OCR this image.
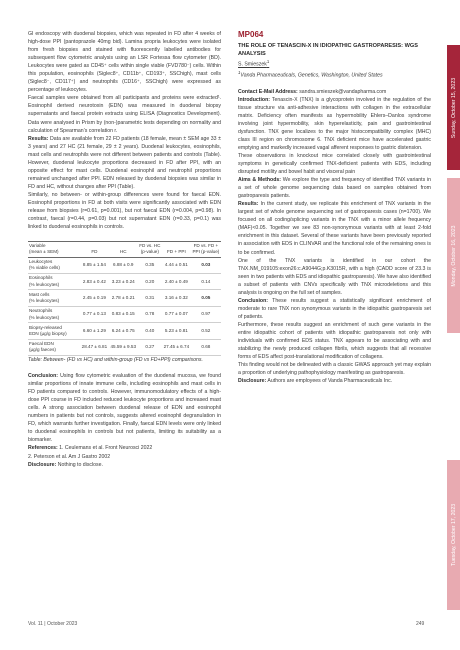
GI endoscopy with duodenal biopsies, which was repeated in FD after 4 weeks of high-dose PPI (pantoprazole 40mg bid). Lamina propria leukocytes were isolated from fresh biopsies and stained with fluorescently labelled antibodies for subsequent flow cytometric analysis using an LSR Fortessa flow cytometer (BD). Leukocytes were gated as CD45⁺ cells within single viable (FVD780⁻) cells. Within this population, eosinophils (Siglec8⁺, CD11b⁺, CD193⁺, SSChigh), mast cells (Siglec8⁻, CD117⁺) and neutrophils (CD16⁺, SSChigh) were expressed as percentage of leukocytes.

Faecal samples were obtained from all participants and proteins were extracted¹. Eosinophil derived neurotoxin (EDN) was measured in duodenal biopsy supernatants and faecal protein extracts using ELISA (Diagnostics Development). Data were analysed in Prism by (non-)parametric tests depending on normality and calculation of Spearman’s correlation r.

Results: Data are available from 22 FD patients (18 female, mean ± SEM age 33 ± 3 years) and 27 HC (21 female, 29 ± 2 years). Duodenal leukocytes, eosinophils, mast cells and neutrophils were not different between patients and controls (Table). However, duodenal leukocyte proportions decreased in FD after PPI, with an opposite effect for mast cells. Duodenal eosinophil and neutrophil proportions remained unchanged after PPI. EDN released by duodenal biopsies was similar in FD and HC, without changes after PPI (Table).

Similarly, no between- or within-group differences were found for faecal EDN. Eosinophil proportions in FD at both visits were significantly associated with EDN release from biopsies (r=0.61, p=0.001), but not faecal EDN (r=0.004, p=0.98). In contrast, faecal (r=0.44, p=0.03) but not supernatant EDN (r=0.33, p=0.1) was linked to duodenal eosinophils in controls.

Variable
(mean ± SEM)	FD	HC	FD vs. HC
(p-value)	FD + PPI	FD vs. FD +
PPI (p-value)
Leukocytes
(% viable cells)	8.85 ± 1.54	6.88 ± 0.9	0.35	4.44 ± 0.51	0.03
Eosinophils
(% leukocytes)	2.83 ± 0.42	3.23 ± 0.24	0.20	2.40 ± 0.49	0.14
Mast cells
(% leukocytes)	2.45 ± 0.19	2.78 ± 0.21	0.31	3.16 ± 0.32	0.05
Neutrophils
(% leukocytes)	0.77 ± 0.13	0.83 ± 0.15	0.78	0.77 ± 0.07	0.97
Biopsy-released
EDN (µg/g biopsy)	6.60 ± 1.29	6.24 ± 0.75	0.40	5.23 ± 0.81	0.52
Faecal EDN
(µg/g faeces)	28.47 ± 6.81	45.59 ± 9.53	0.27	27.45 ± 6.74	0.68

Table: Between- (FD vs HC) and within-group (FD vs FD+PPI) comparisons.

Conclusion: Using flow cytometric evaluation of the duodenal mucosa, we found similar proportions of innate immune cells, including eosinophils and mast cells in FD patients compared to controls. However, immunomodulatory effects of a high-dose PPI course in FD included reduced leukocyte proportions and increased mast cells. A strong association between duodenal release of EDN and eosinophil numbers in patients but not controls, suggests altered eosinophil degranulation in FD, which warrants further investigation. Finally, faecal EDN levels were only linked to duodenal eosinophils in controls but not patients, limiting its suitability as a biomarker.

References: 1. Ceulemans et al. Front Neurosci 2022

2. Peterson et al. Am J Gastro 2002

Disclosure: Nothing to disclose.

MP064
THE ROLE OF TENASCIN-X IN IDIOPATHIC GASTROPARESIS: WGS ANALYSIS

S. Smieszek$^1$

$^1$Vanda Pharmaceuticals, Genetics, Washington, United States

Contact E-Mail Address: sandra.smieszek@vandapharma.com

Introduction: Tenascin-X (TNX) is a glycoprotein involved in the regulation of the tissue structure via anti-adhesive interactions with collagen in the extracellular matrix. Deficiency often manifests as hypermobility Ehlers–Danlos syndrome involving joint hypermobility, skin hyperelasticity, pain and gastrointestinal dysfunction. TNX gene localizes to the major histocompatibility complex (MHC) class III region on chromosome 6. TNX deficient mice have accelerated gastric emptying and markedly increased vagal afferent responses to gastric distension.

These observations in knockout mice correlated closely with gastrointestinal symptoms in genetically confirmed TNX-deficient patients with EDS, including disrupted motility and bowel habit and visceral pain

Aims & Methods: We explore the type and frequency of identified TNX variants in a set of whole genome sequencing data based on samples obtained from gastroparesis patients.

Results: In the current study, we replicate this enrichment of TNX variants in the largest set of whole genome sequencing set of gastroparesis cases (n=1700). We focused on all coding/splicing variants in the TNX with a minor allele frequency (MAF)<0.05. Together we see 83 non-synonymous variants with at least 2-fold enrichment in this dataset. Several of these variants have been previously reported in association with EDS in CLINVAR and the functional role of the remaining ones is to be confirmed.

One of the TNX variants is identified in our cohort the TNX.NM_019105:exon26:c.A9044G;p.K3015R, with a high (CADD score of 23.3 is seen in two patients with EDS and idiopathic gastroparesis). We have also identified a subset of patients with CNVs specifically with TNX microdeletions and this analysis is ongoing on the full set of samples.

Conclusion: These results suggest a statistically significant enrichment of moderate to rare TNX non synonymous variants in the idiopathic gastroparesis set of patients.

Furthermore, these results suggest an enrichment of such gene variants in the entire idiopathic cohort of patients with idiopathic gastroparesis not only with individuals with confirmed EDS status. TNX appears to be associating with and stabilizing the newly produced collagen fibrils, which suggests that all recessive forms of EDS affect post-translational modification of collagens.

This finding would not be delineated with a classic GWAS approach yet may explain a proportion of underlying pathophysiology manifesting as gastroparesis.

Disclosure: Authors are employees of Vanda Pharmaceuticals Inc.

Sunday, October 15, 2023
Monday, October 16, 2023
Tuesday, October 17, 2023
Vol. 11 | October 2023	249
